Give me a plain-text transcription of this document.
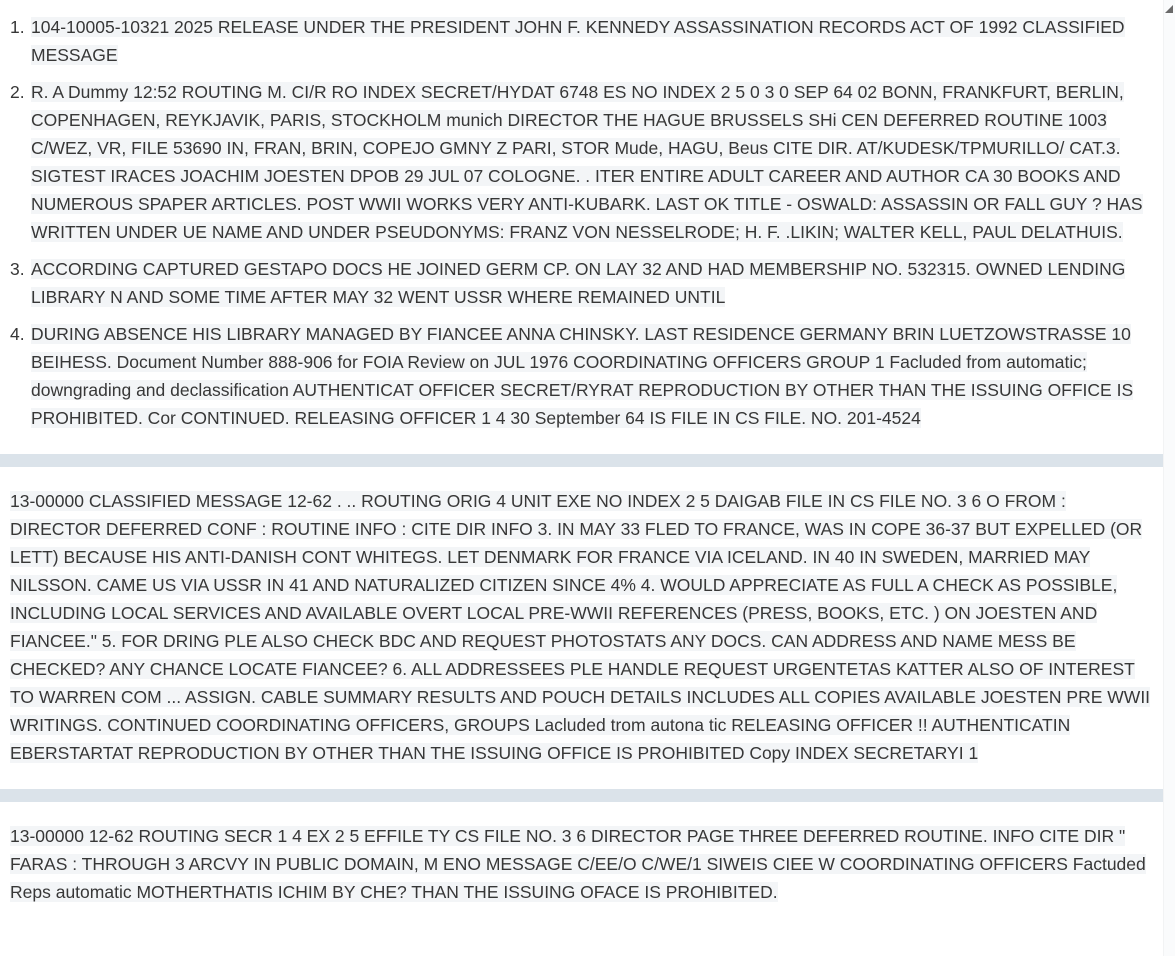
1. 104-10005-10321 2025 RELEASE UNDER THE PRESIDENT JOHN F. KENNEDY ASSASSINATION RECORDS ACT OF 1992 CLASSIFIED MESSAGE
2. R. A Dummy 12:52 ROUTING M. CI/R RO INDEX SECRET/HYDAT 6748 ES NO INDEX 2 5 0 3 0 SEP 64 02 BONN, FRANKFURT, BERLIN, COPENHAGEN, REYKJAVIK, PARIS, STOCKHOLM munich DIRECTOR THE HAGUE BRUSSELS SHi CEN DEFERRED ROUTINE 1003 C/WEZ, VR, FILE 53690 IN, FRAN, BRIN, COPEJO GMNY Z PARI, STOR Mude, HAGU, Beus CITE DIR. AT/KUDESK/TPMURILLO/ CAT.3. SIGTEST IRACES JOACHIM JOESTEN DPOB 29 JUL 07 COLOGNE. . ITER ENTIRE ADULT CAREER AND AUTHOR CA 30 BOOKS AND NUMEROUS SPAPER ARTICLES. POST WWII WORKS VERY ANTI-KUBARK. LAST OK TITLE - OSWALD: ASSASSIN OR FALL GUY ? HAS WRITTEN UNDER UE NAME AND UNDER PSEUDONYMS: FRANZ VON NESSELRODE; H. F. .LIKIN; WALTER KELL, PAUL DELATHUIS.
3. ACCORDING CAPTURED GESTAPO DOCS HE JOINED GERM CP. ON LAY 32 AND HAD MEMBERSHIP NO. 532315. OWNED LENDING LIBRARY N AND SOME TIME AFTER MAY 32 WENT USSR WHERE REMAINED UNTIL
4. DURING ABSENCE HIS LIBRARY MANAGED BY FIANCEE ANNA CHINSKY. LAST RESIDENCE GERMANY BRIN LUETZOWSTRASSE 10 BEIHESS. Document Number 888-906 for FOIA Review on JUL 1976 COORDINATING OFFICERS GROUP 1 Facluded from automatic; downgrading and declassification AUTHENTICAT OFFICER SECRET/RYRAT REPRODUCTION BY OTHER THAN THE ISSUING OFFICE IS PROHIBITED. Cor CONTINUED. RELEASING OFFICER 1 4 30 September 64 IS FILE IN CS FILE. NO. 201-4524
13-00000 CLASSIFIED MESSAGE 12-62 . .. ROUTING ORIG 4 UNIT EXE NO INDEX 2 5 DAIGAB FILE IN CS FILE NO. 3 6 O FROM : DIRECTOR DEFERRED CONF : ROUTINE INFO : CITE DIR INFO 3. IN MAY 33 FLED TO FRANCE, WAS IN COPE 36-37 BUT EXPELLED (OR LETT) BECAUSE HIS ANTI-DANISH CONT WHITEGS. LET DENMARK FOR FRANCE VIA ICELAND. IN 40 IN SWEDEN, MARRIED MAY NILSSON. CAME US VIA USSR IN 41 AND NATURALIZED CITIZEN SINCE 4% 4. WOULD APPRECIATE AS FULL A CHECK AS POSSIBLE, INCLUDING LOCAL SERVICES AND AVAILABLE OVERT LOCAL PRE-WWII REFERENCES (PRESS, BOOKS, ETC. ) ON JOESTEN AND FIANCEE." 5. FOR DRING PLE ALSO CHECK BDC AND REQUEST PHOTOSTATS ANY DOCS. CAN ADDRESS AND NAME MESS BE CHECKED? ANY CHANCE LOCATE FIANCEE? 6. ALL ADDRESSEES PLE HANDLE REQUEST URGENTETAS KATTER ALSO OF INTEREST TO WARREN COM ... ASSIGN. CABLE SUMMARY RESULTS AND POUCH DETAILS INCLUDES ALL COPIES AVAILABLE JOESTEN PRE WWII WRITINGS. CONTINUED COORDINATING OFFICERS, GROUPS Lacluded trom autona tic RELEASING OFFICER !! AUTHENTICATIN EBERSTARTAT REPRODUCTION BY OTHER THAN THE ISSUING OFFICE IS PROHIBITED Copy INDEX SECRETARYI 1
13-00000 12-62 ROUTING SECR 1 4 EX 2 5 EFFILE TY CS FILE NO. 3 6 DIRECTOR PAGE THREE DEFERRED ROUTINE. INFO CITE DIR " FARAS : THROUGH 3 ARCVY IN PUBLIC DOMAIN, M ENO MESSAGE C/EE/O C/WE/1 SIWEIS CIEE W COORDINATING OFFICERS Factuded Reps automatic MOTHERTHATIS ICHIM BY CHE? THAN THE ISSUING OFACE IS PROHIBITED.
